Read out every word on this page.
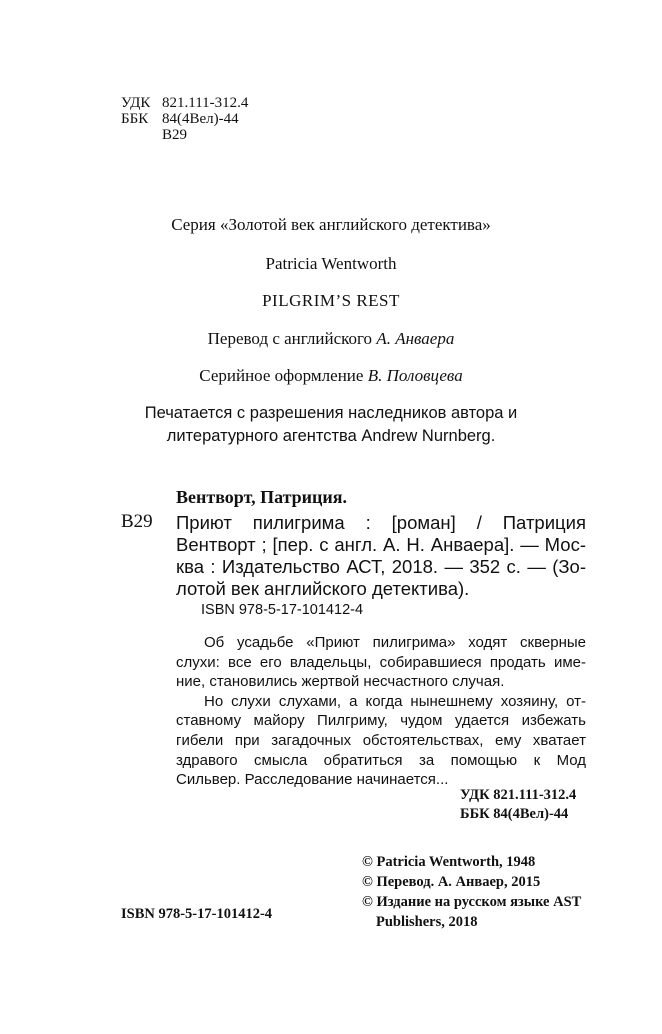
УДК 821.111-312.4
ББК 84(4Вел)-44
В29
Серия «Золотой век английского детектива»
Patricia Wentworth
PILGRIM’S REST
Перевод с английского А. Анваера
Серийное оформление В. Половцева
Печатается с разрешения наследников автора и
литературного агентства Andrew Nurnberg.
Вентворт, Патриция.
В29 Приют пилигрима : [роман] / Патриция
Вентворт ; [пер. с англ. А. Н. Анваера]. — Мос-
ква : Издательство АСТ, 2018. — 352 с. — (Зо-
лотой век английского детектива).
ISBN 978-5-17-101412-4
Об усадьбе «Приют пилигрима» ходят скверные
слухи: все его владельцы, собиравшиеся продать име-
ние, становились жертвой несчастного случая.
Но слухи слухами, а когда нынешнему хозяину, от-
ставному майору Пилгриму, чудом удается избежать
гибели при загадочных обстоятельствах, ему хватает
здравого смысла обратиться за помощью к Мод
Сильвер. Расследование начинается...
УДК 821.111-312.4
ББК 84(4Вел)-44
© Patricia Wentworth, 1948
© Перевод. А. Анваер, 2015
© Издание на русском языке AST
Publishers, 2018
ISBN 978-5-17-101412-4
